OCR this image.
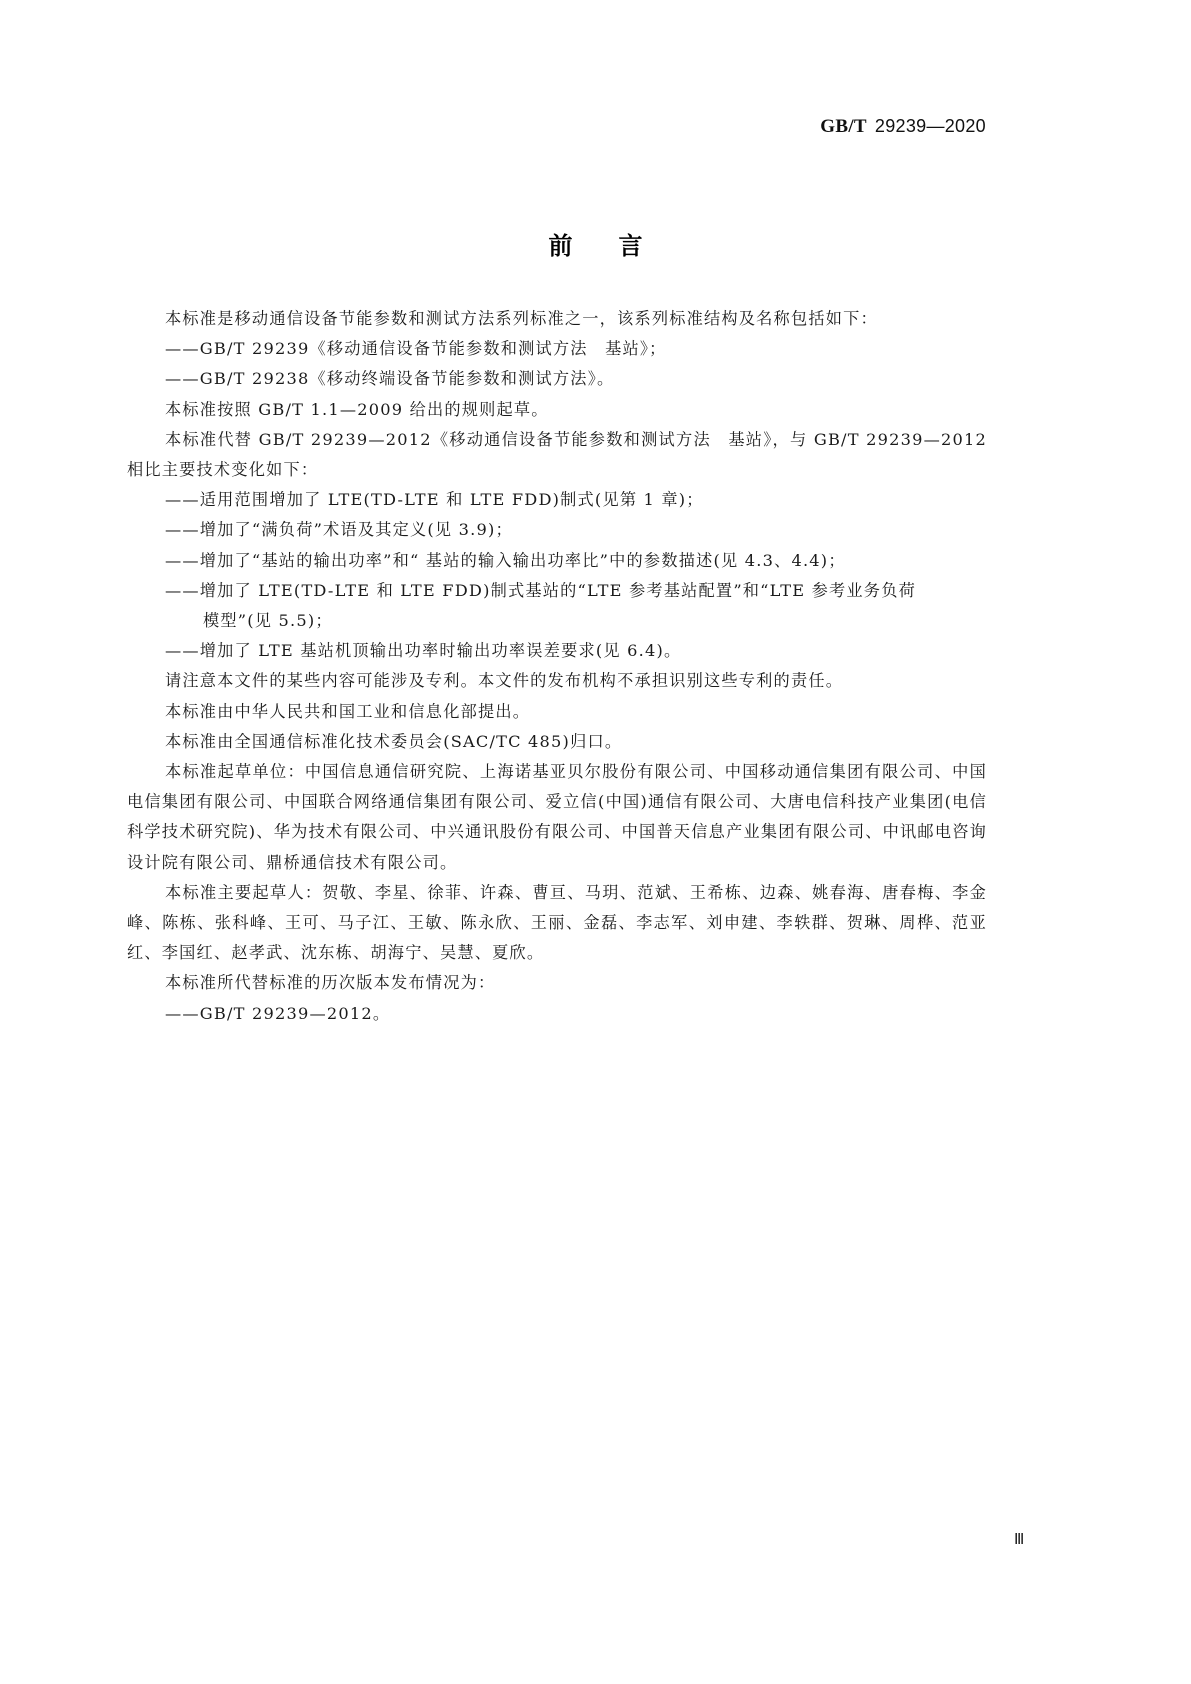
GB/T 29239—2020
前言

本标准是移动通信设备节能参数和测试方法系列标准之一，该系列标准结构及名称包括如下：

——GB/T 29239《移动通信设备节能参数和测试方法　基站》；

——GB/T 29238《移动终端设备节能参数和测试方法》。

本标准按照 GB/T 1.1—2009 给出的规则起草。

本标准代替 GB/T 29239—2012《移动通信设备节能参数和测试方法　基站》，与 GB/T 29239—2012 相比主要技术变化如下：

——适用范围增加了 LTE(TD-LTE 和 LTE FDD)制式(见第 1 章)；

——增加了“满负荷”术语及其定义(见 3.9)；

——增加了“基站的输出功率”和“ 基站的输入输出功率比”中的参数描述(见 4.3、4.4)；

——增加了 LTE(TD-LTE 和 LTE FDD)制式基站的“LTE 参考基站配置”和“LTE 参考业务负荷

模型”(见 5.5)；

——增加了 LTE 基站机顶输出功率时输出功率误差要求(见 6.4)。

请注意本文件的某些内容可能涉及专利。本文件的发布机构不承担识别这些专利的责任。

本标准由中华人民共和国工业和信息化部提出。

本标准由全国通信标准化技术委员会(SAC/TC 485)归口。

本标准起草单位：中国信息通信研究院、上海诺基亚贝尔股份有限公司、中国移动通信集团有限公司、中国电信集团有限公司、中国联合网络通信集团有限公司、爱立信(中国)通信有限公司、大唐电信科技产业集团(电信科学技术研究院)、华为技术有限公司、中兴通讯股份有限公司、中国普天信息产业集团有限公司、中讯邮电咨询设计院有限公司、鼎桥通信技术有限公司。

本标准主要起草人：贺敬、李星、徐菲、许森、曹亘、马玥、范斌、王希栋、边森、姚春海、唐春梅、李金峰、陈栋、张科峰、王可、马子江、王敏、陈永欣、王丽、金磊、李志军、刘申建、李轶群、贺琳、周桦、范亚红、李国红、赵孝武、沈东栋、胡海宁、吴慧、夏欣。

本标准所代替标准的历次版本发布情况为：

——GB/T 29239—2012。

Ⅲ
